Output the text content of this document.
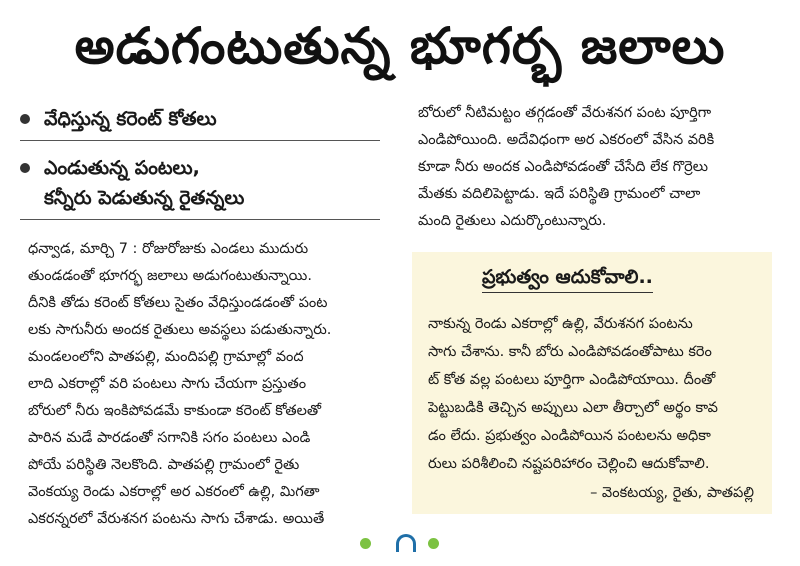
అడుగంటుతున్న భూగర్భ జలాలు
వేధిస్తున్న కరెంట్ కోతలు
ఎండుతున్న పంటలు,
కన్నీరు పెడుతున్న రైతన్నలు
ధన్వాడ, మార్చి 7 : రోజురోజుకు ఎండలు ముదురు
తుండడంతో భూగర్భ జలాలు అడుగంటుతున్నాయి.
దీనికి తోడు కరెంట్ కోతలు సైతం వేధిస్తుండడంతో పంట
లకు సాగునీరు అందక రైతులు అవస్థలు పడుతున్నారు.
మండలంలోని పాతపల్లి, మందిపల్లి గ్రామాల్లో వంద
లాది ఎకరాల్లో వరి పంటలు సాగు చేయగా ప్రస్తుతం
బోరులో నీరు ఇంకిపోవడమే కాకుండా కరెంట్ కోతలతో
పారిన మడే పారడంతో సగానికి సగం పంటలు ఎండి
పోయే పరిస్థితి నెలకొంది. పాతపల్లి గ్రామంలో రైతు
వెంకయ్య రెండు ఎకరాల్లో అర ఎకరంలో ఉల్లి, మిగతా
ఎకరన్నరలో వేరుశనగ పంటను సాగు చేశాడు. అయితే
బోరులో నీటిమట్టం తగ్గడంతో వేరుశనగ పంట పూర్తిగా
ఎండిపోయింది. అదేవిధంగా అర ఎకరంలో వేసిన వరికి
కూడా నీరు అందక ఎండిపోవడంతో చేసేది లేక గొర్రెలు
మేతకు వదిలిపెట్టాడు. ఇదే పరిస్థితి గ్రామంలో చాలా
మంది రైతులు ఎదుర్కొంటున్నారు.
ప్రభుత్వం ఆదుకోవాలి..
నాకున్న రెండు ఎకరాల్లో ఉల్లి, వేరుశనగ పంటను
సాగు చేశాను. కానీ బోరు ఎండిపోవడంతోపాటు కరెం
ట్ కోత వల్ల పంటలు పూర్తిగా ఎండిపోయాయి. దీంతో
పెట్టుబడికి తెచ్చిన అప్పులు ఎలా తీర్చాలో అర్థం కావ
డం లేదు. ప్రభుత్వం ఎండిపోయిన పంటలను అధికా
రులు పరిశీలించి నష్టపరిహారం చెల్లించి ఆదుకోవాలి.
– వెంకటయ్య, రైతు, పాతపల్లి
